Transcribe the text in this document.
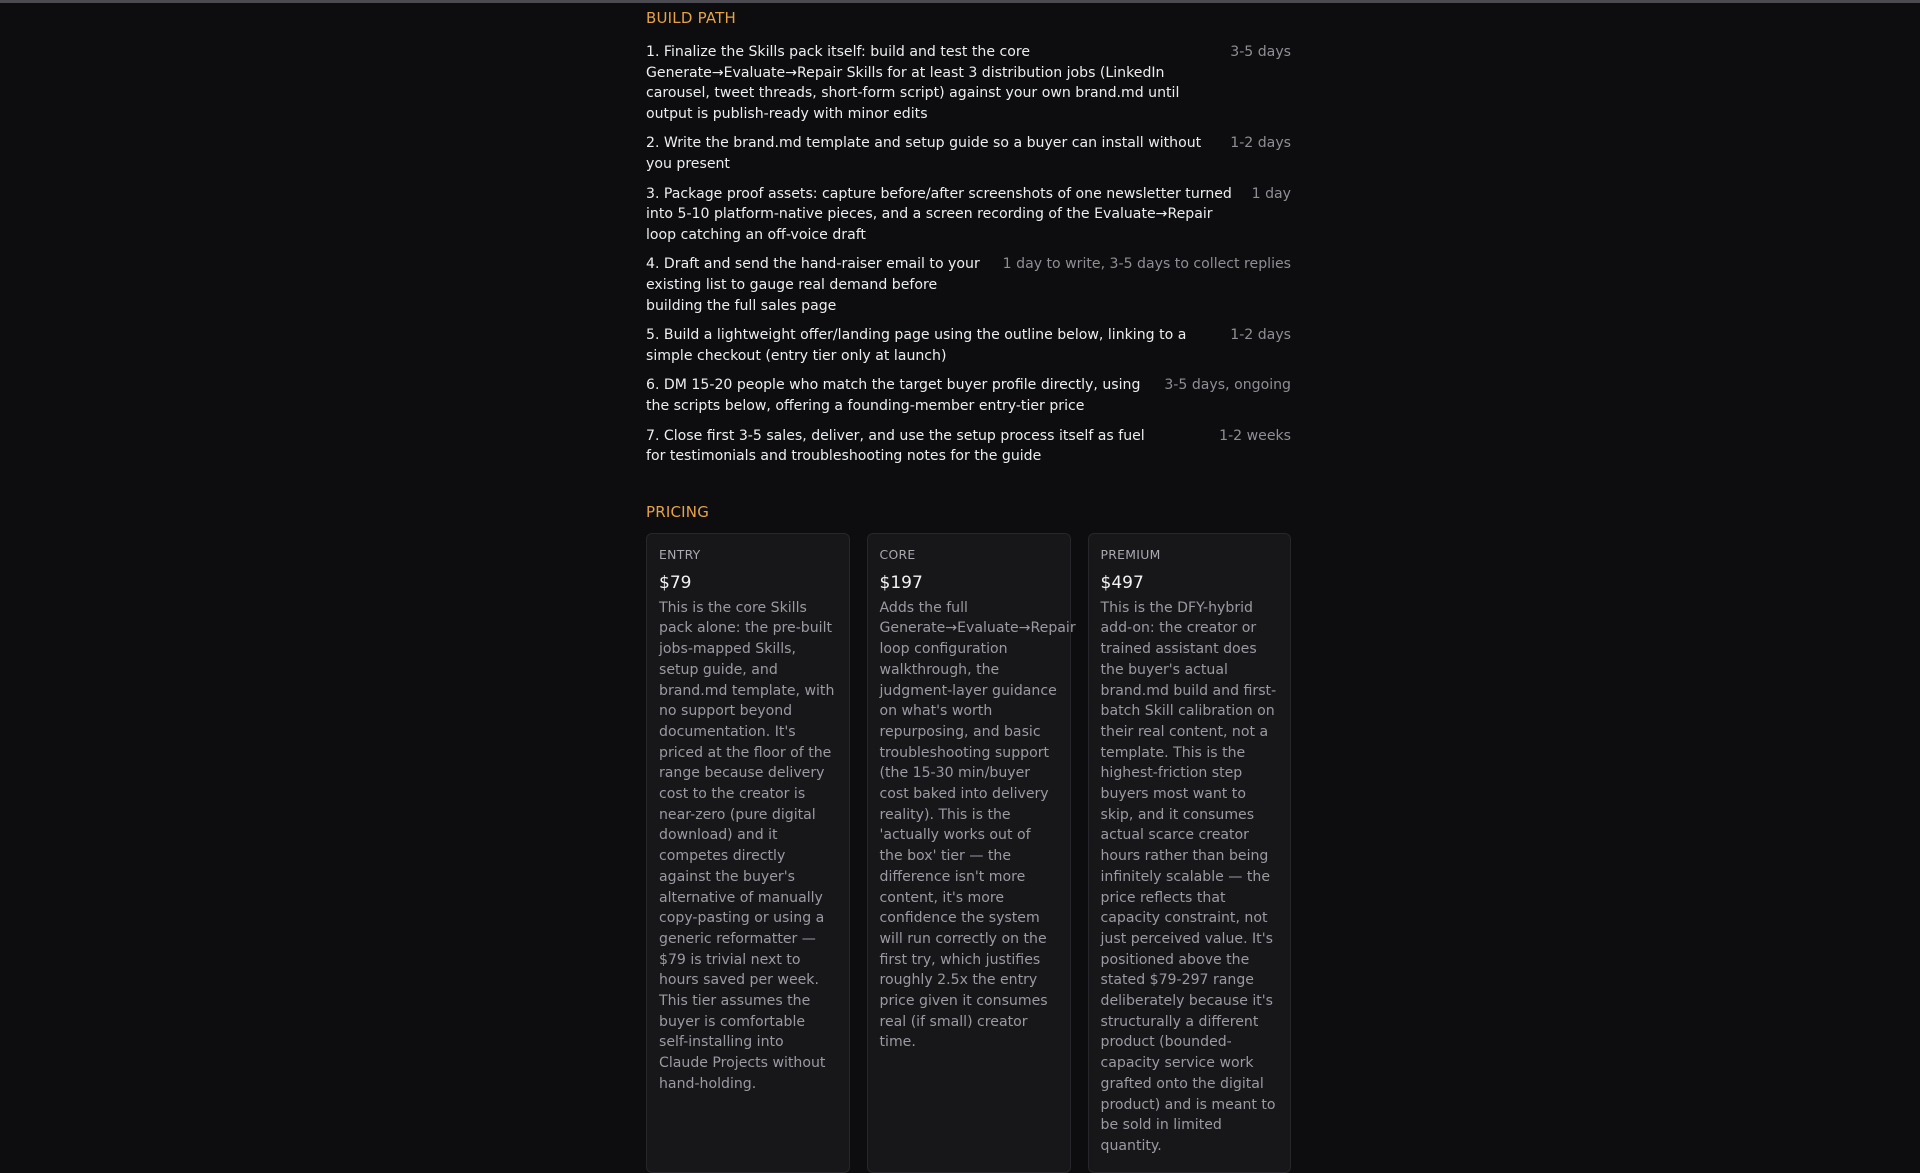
BUILD PATH
1. Finalize the Skills pack itself: build and test the core Generate→Evaluate→Repair Skills for at least 3 distribution jobs (LinkedIn carousel, tweet threads, short-form script) against your own brand.md until output is publish-ready with minor edits
3-5 days
2. Write the brand.md template and setup guide so a buyer can install without you present
1-2 days
3. Package proof assets: capture before/after screenshots of one newsletter turned into 5-10 platform-native pieces, and a screen recording of the Evaluate→Repair loop catching an off-voice draft
1 day
4. Draft and send the hand-raiser email to your existing list to gauge real demand before building the full sales page
1 day to write, 3-5 days to collect replies
5. Build a lightweight offer/landing page using the outline below, linking to a simple checkout (entry tier only at launch)
1-2 days
6. DM 15-20 people who match the target buyer profile directly, using the scripts below, offering a founding-member entry-tier price
3-5 days, ongoing
7. Close first 3-5 sales, deliver, and use the setup process itself as fuel for testimonials and troubleshooting notes for the guide
1-2 weeks
PRICING
ENTRY
$79
This is the core Skills pack alone: the pre-built jobs-mapped Skills, setup guide, and brand.md template, with no support beyond documentation. It's priced at the floor of the range because delivery cost to the creator is near-zero (pure digital download) and it competes directly against the buyer's alternative of manually copy-pasting or using a generic reformatter — $79 is trivial next to hours saved per week. This tier assumes the buyer is comfortable self-installing into Claude Projects without hand-holding.
CORE
$197
Adds the full Generate→Evaluate→Repair loop configuration walkthrough, the judgment-layer guidance on what's worth repurposing, and basic troubleshooting support (the 15-30 min/buyer cost baked into delivery reality). This is the 'actually works out of the box' tier — the difference isn't more content, it's more confidence the system will run correctly on the first try, which justifies roughly 2.5x the entry price given it consumes real (if small) creator time.
PREMIUM
$497
This is the DFY-hybrid add-on: the creator or trained assistant does the buyer's actual brand.md build and first-batch Skill calibration on their real content, not a template. This is the highest-friction step buyers most want to skip, and it consumes actual scarce creator hours rather than being infinitely scalable — the price reflects that capacity constraint, not just perceived value. It's positioned above the stated $79-297 range deliberately because it's structurally a different product (bounded-capacity service work grafted onto the digital product) and is meant to be sold in limited quantity.
